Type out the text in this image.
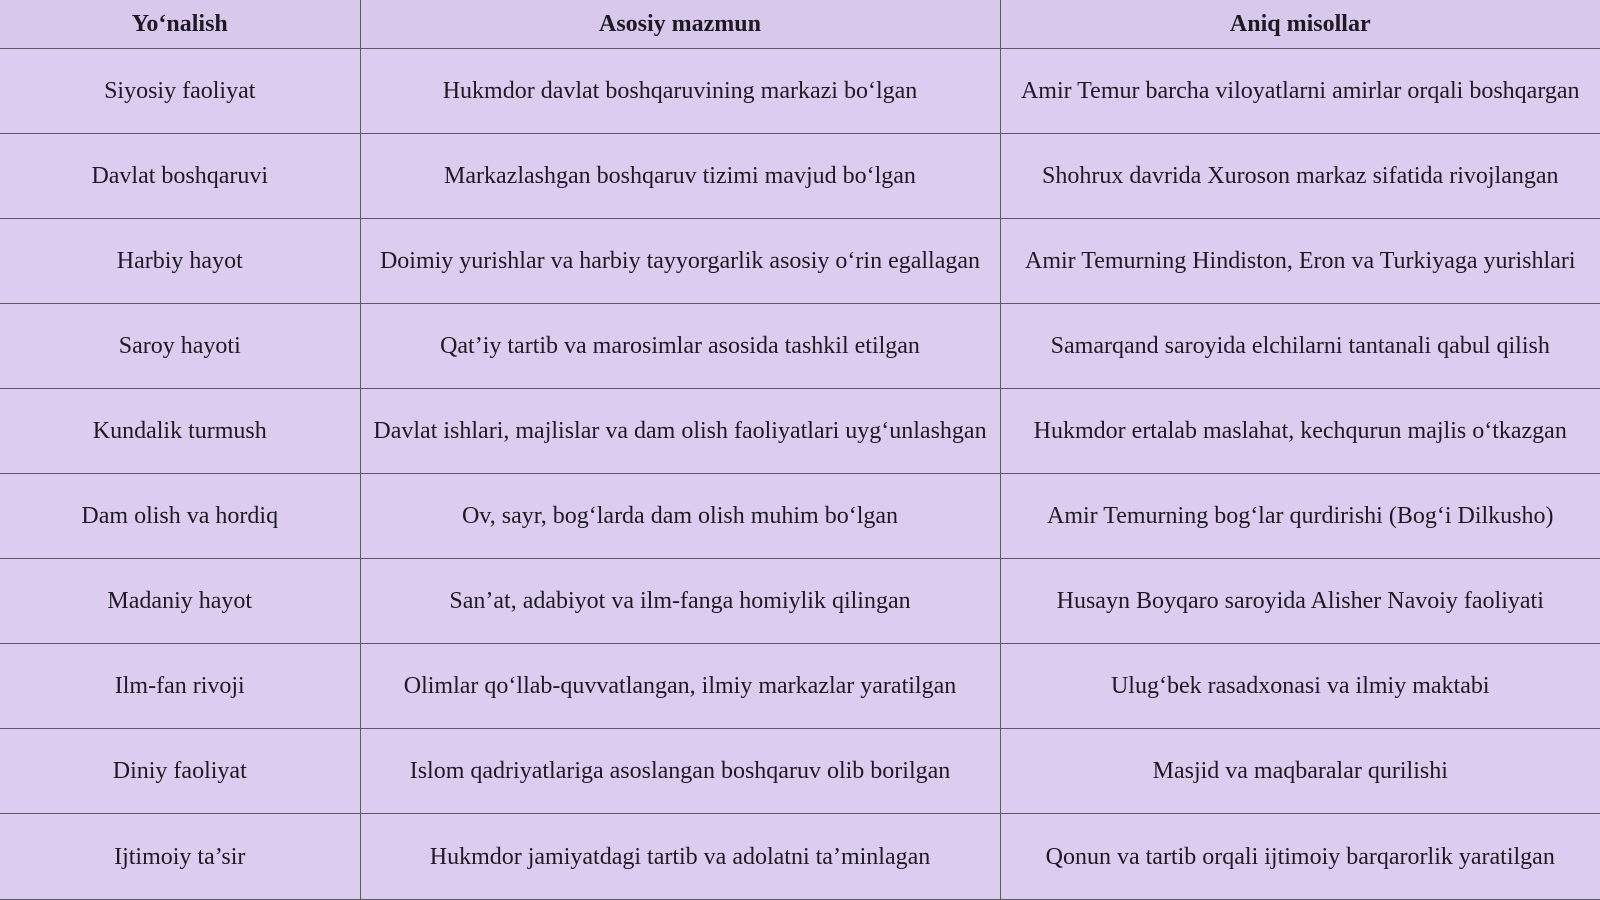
Yo‘nalish	Asosiy mazmun	Aniq misollar
Siyosiy faoliyat	Hukmdor davlat boshqaruvining markazi bo‘lgan	Amir Temur barcha viloyatlarni amirlar orqali boshqargan
Davlat boshqaruvi	Markazlashgan boshqaruv tizimi mavjud bo‘lgan	Shohrux davrida Xuroson markaz sifatida rivojlangan
Harbiy hayot	Doimiy yurishlar va harbiy tayyorgarlik asosiy o‘rin egallagan	Amir Temurning Hindiston, Eron va Turkiyaga yurishlari
Saroy hayoti	Qat’iy tartib va marosimlar asosida tashkil etilgan	Samarqand saroyida elchilarni tantanali qabul qilish
Kundalik turmush	Davlat ishlari, majlislar va dam olish faoliyatlari uyg‘unlashgan	Hukmdor ertalab maslahat, kechqurun majlis o‘tkazgan
Dam olish va hordiq	Ov, sayr, bog‘larda dam olish muhim bo‘lgan	Amir Temurning bog‘lar qurdirishi (Bog‘i Dilkusho)
Madaniy hayot	San’at, adabiyot va ilm-fanga homiylik qilingan	Husayn Boyqaro saroyida Alisher Navoiy faoliyati
Ilm-fan rivoji	Olimlar qo‘llab-quvvatlangan, ilmiy markazlar yaratilgan	Ulug‘bek rasadxonasi va ilmiy maktabi
Diniy faoliyat	Islom qadriyatlariga asoslangan boshqaruv olib borilgan	Masjid va maqbaralar qurilishi
Ijtimoiy ta’sir	Hukmdor jamiyatdagi tartib va adolatni ta’minlagan	Qonun va tartib orqali ijtimoiy barqarorlik yaratilgan
